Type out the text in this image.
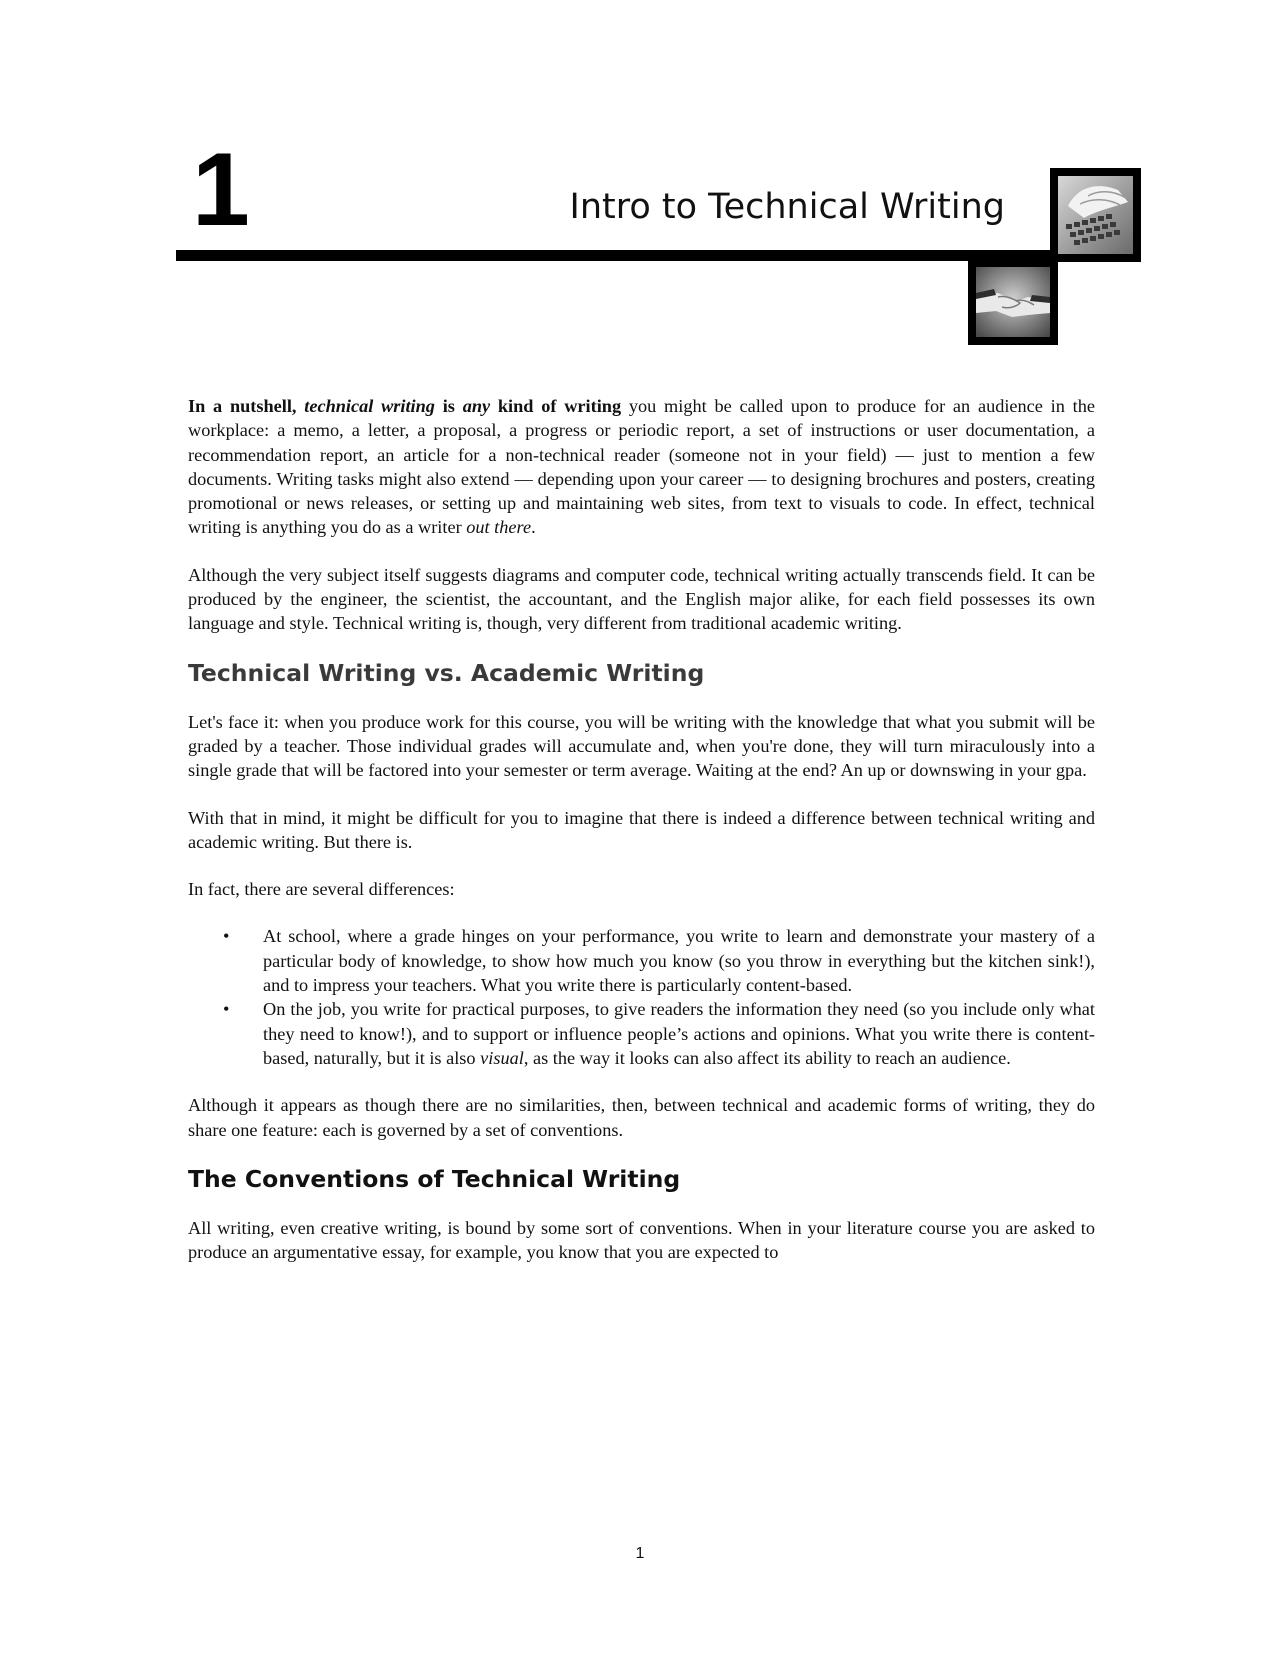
1	Intro to Technical Writing

In a nutshell, technical writing is any kind of writing you might be called upon to produce for an audience in the workplace: a memo, a letter, a proposal, a progress or periodic report, a set of instructions or user documentation, a recommendation report, an article for a non-technical reader (someone not in your field) — just to mention a few documents. Writing tasks might also extend — depending upon your career — to designing brochures and posters, creating promotional or news releases, or setting up and maintaining web sites, from text to visuals to code. In effect, technical writing is anything you do as a writer out there.

Although the very subject itself suggests diagrams and computer code, technical writing actually transcends field. It can be produced by the engineer, the scientist, the accountant, and the English major alike, for each field possesses its own language and style. Technical writing is, though, very different from traditional academic writing.

Technical Writing vs. Academic Writing

Let's face it: when you produce work for this course, you will be writing with the knowledge that what you submit will be graded by a teacher. Those individual grades will accumulate and, when you're done, they will turn miraculously into a single grade that will be factored into your semester or term average. Waiting at the end? An up or downswing in your gpa.

With that in mind, it might be difficult for you to imagine that there is indeed a difference between technical writing and academic writing. But there is.

In fact, there are several differences:

• At school, where a grade hinges on your performance, you write to learn and demonstrate your mastery of a particular body of knowledge, to show how much you know (so you throw in everything but the kitchen sink!), and to impress your teachers. What you write there is particularly content-based.
• On the job, you write for practical purposes, to give readers the information they need (so you include only what they need to know!), and to support or influence people’s actions and opinions. What you write there is content-based, naturally, but it is also visual, as the way it looks can also affect its ability to reach an audience.

Although it appears as though there are no similarities, then, between technical and academic forms of writing, they do share one feature: each is governed by a set of conventions.

The Conventions of Technical Writing

All writing, even creative writing, is bound by some sort of conventions. When in your literature course you are asked to produce an argumentative essay, for example, you know that you are expected to

1
